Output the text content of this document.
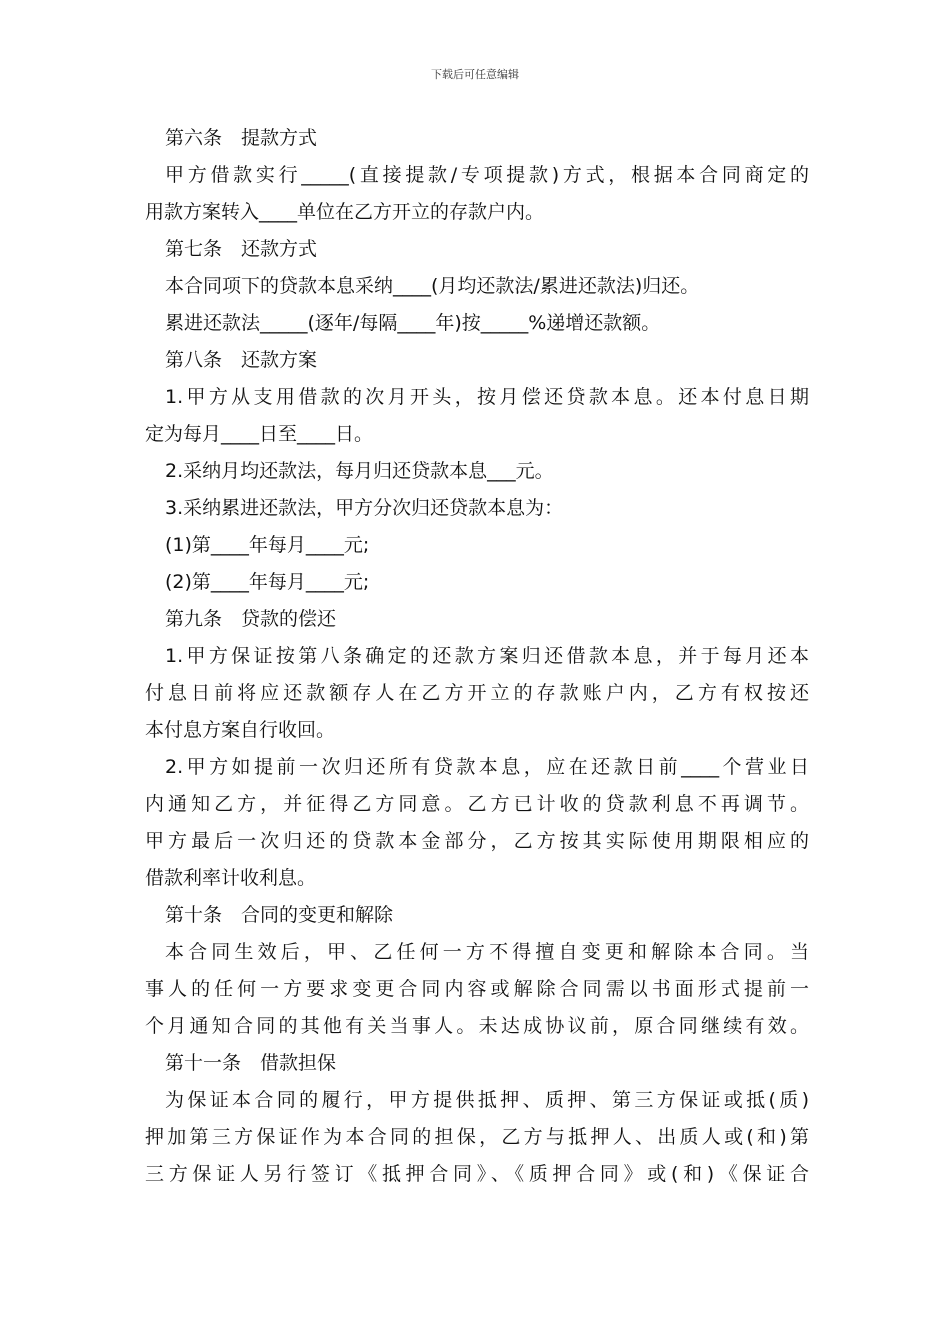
下载后可任意编辑
第六条　提款方式
甲方借款实行_____(直接提款/专项提款)方式，根据本合同商定的
用款方案转入____单位在乙方开立的存款户内。
第七条　还款方式
本合同项下的贷款本息采纳____(月均还款法/累进还款法)归还。
累进还款法_____(逐年/每隔____年)按_____%递增还款额。
第八条　还款方案
1.甲方从支用借款的次月开头，按月偿还贷款本息。还本付息日期
定为每月____日至____日。
2.采纳月均还款法，每月归还贷款本息___元。
3.采纳累进还款法，甲方分次归还贷款本息为：
(1)第____年每月____元;
(2)第____年每月____元;
第九条　贷款的偿还
1.甲方保证按第八条确定的还款方案归还借款本息，并于每月还本
付息日前将应还款额存人在乙方开立的存款账户内，乙方有权按还
本付息方案自行收回。
2.甲方如提前一次归还所有贷款本息，应在还款日前____个营业日
内通知乙方，并征得乙方同意。乙方已计收的贷款利息不再调节。
甲方最后一次归还的贷款本金部分，乙方按其实际使用期限相应的
借款利率计收利息。
第十条　合同的变更和解除
本合同生效后，甲、乙任何一方不得擅自变更和解除本合同。当
事人的任何一方要求变更合同内容或解除合同需以书面形式提前一
个月通知合同的其他有关当事人。未达成协议前，原合同继续有效。
第十一条　借款担保
为保证本合同的履行，甲方提供抵押、质押、第三方保证或抵(质)
押加第三方保证作为本合同的担保，乙方与抵押人、出质人或(和)第
三方保证人另行签订《抵押合同》、《质押合同》或(和)《保证合
